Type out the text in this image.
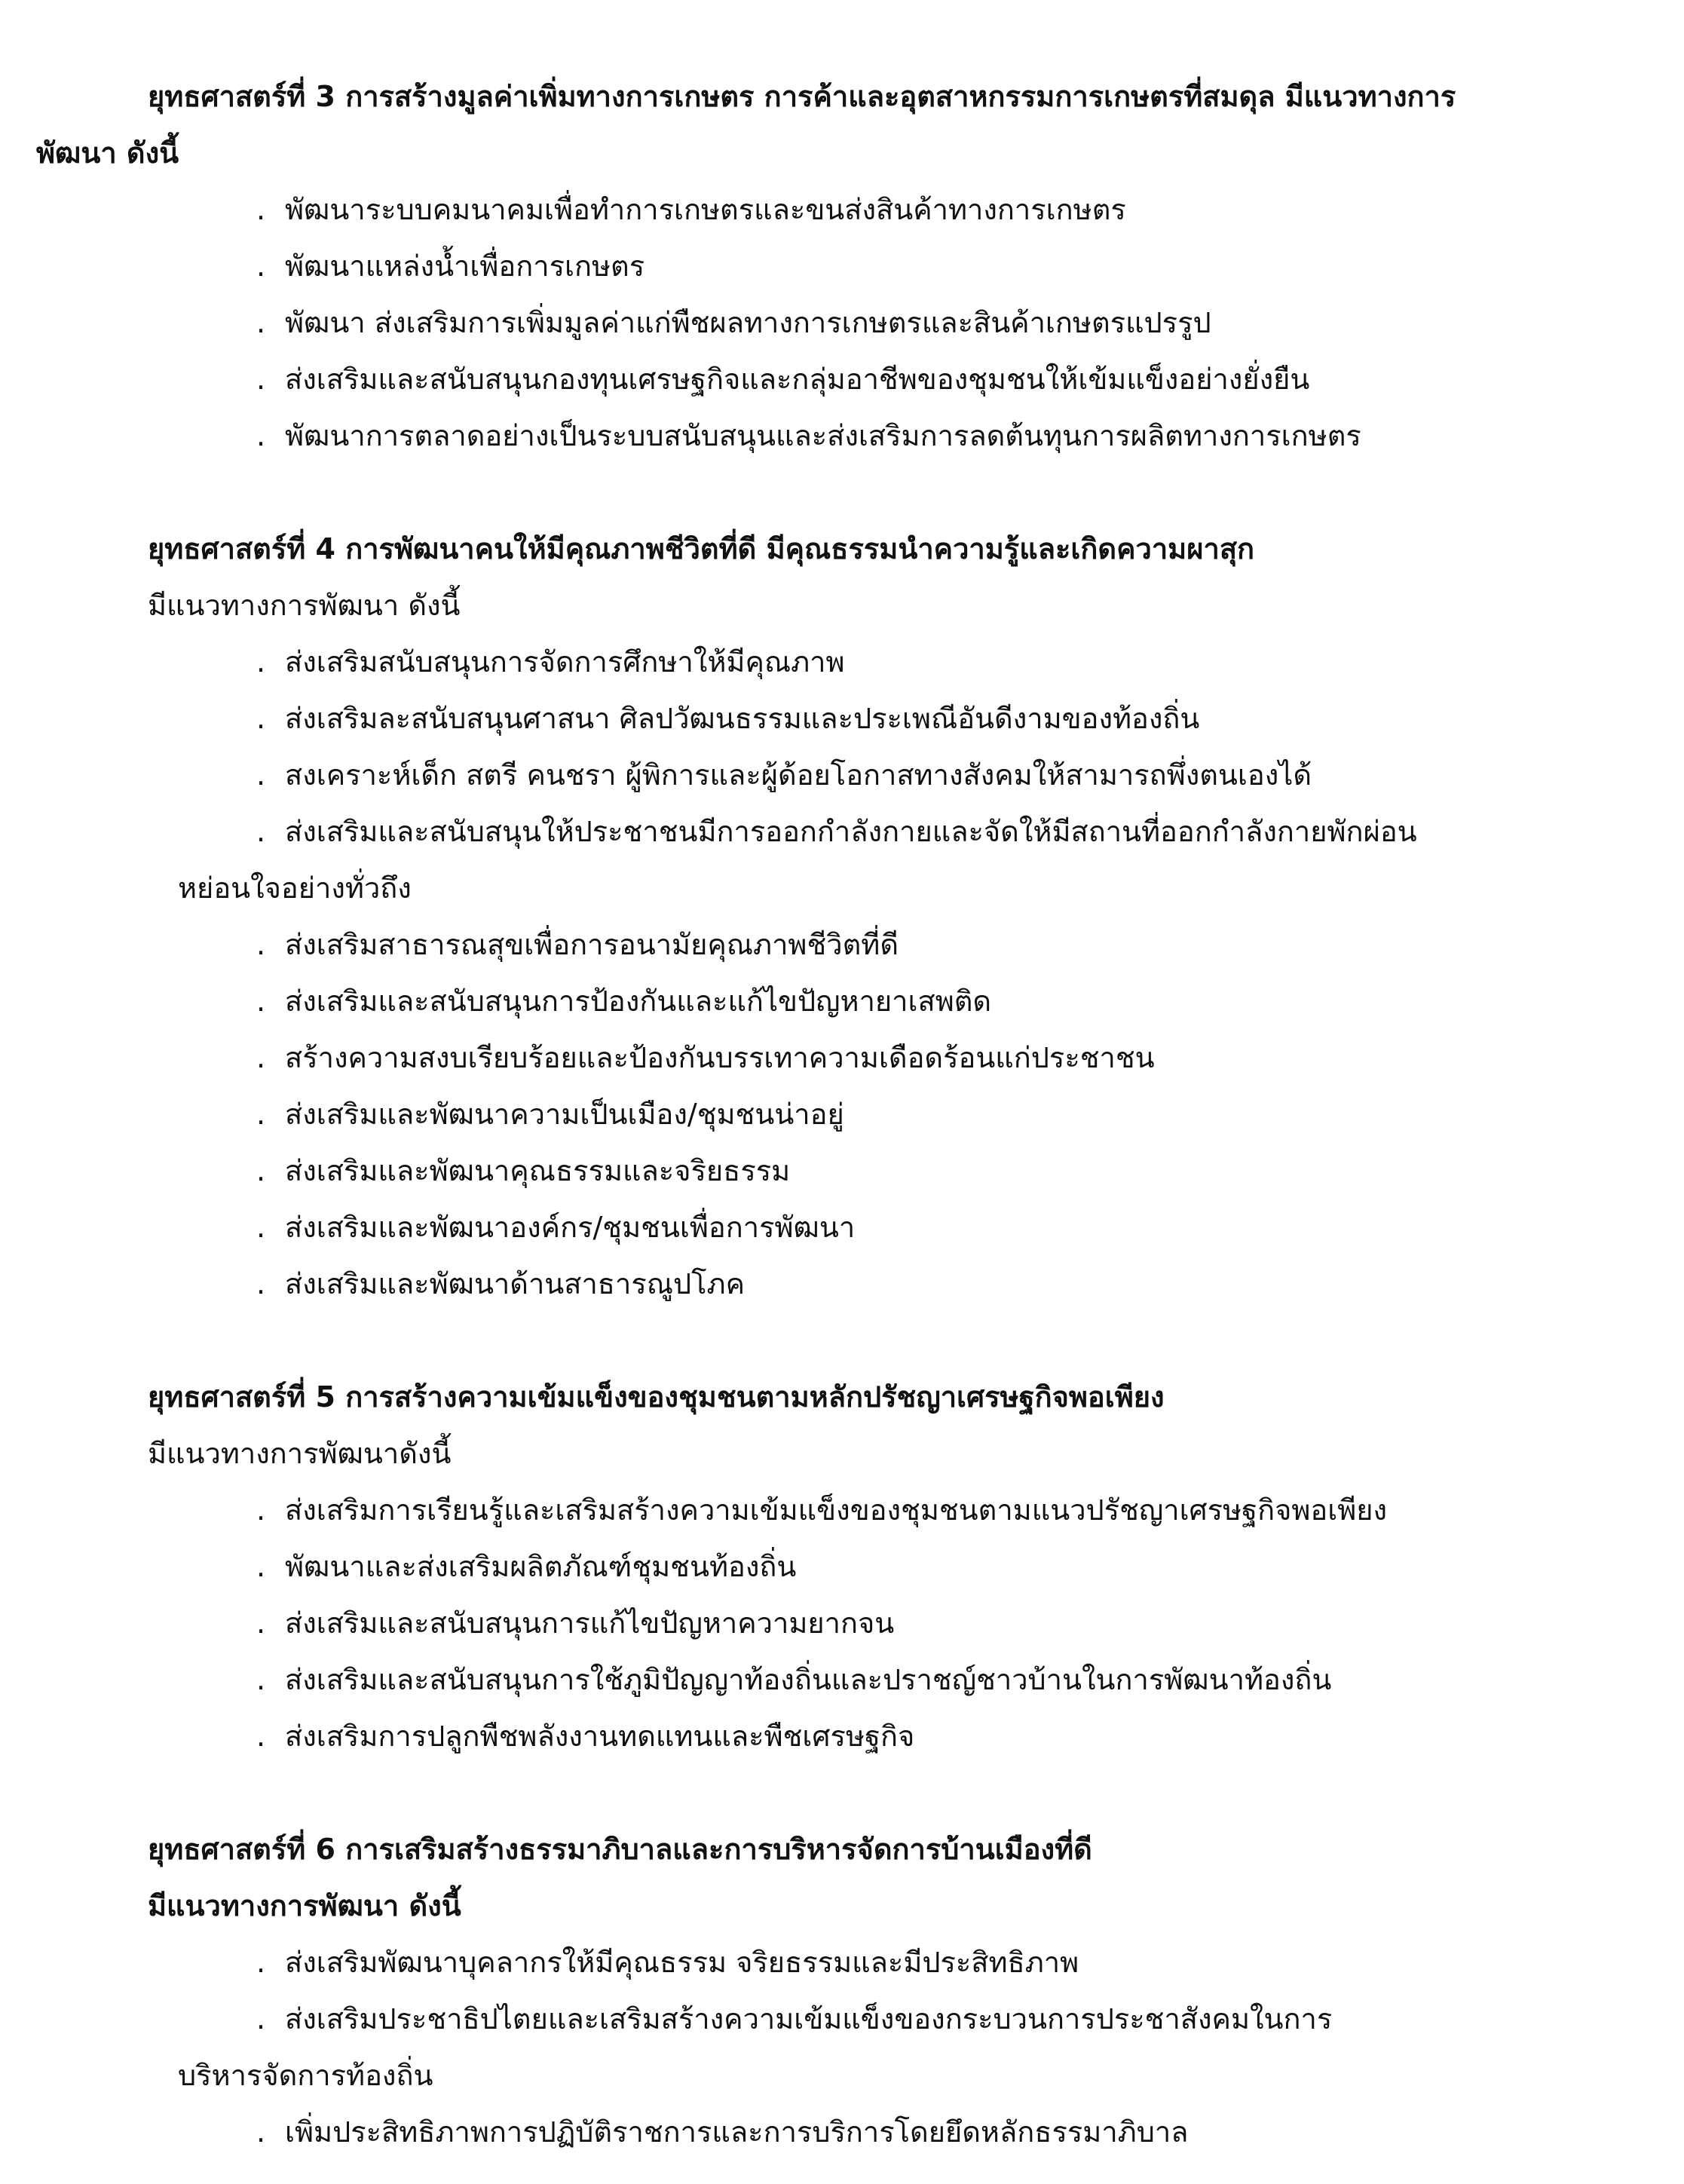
ยุทธศาสตร์ที่ 3 การสร้างมูลค่าเพิ่มทางการเกษตร การค้าและอุตสาหกรรมการเกษตรที่สมดุล มีแนวทางการ
พัฒนา ดังนี้
. พัฒนาระบบคมนาคมเพื่อทำการเกษตรและขนส่งสินค้าทางการเกษตร
. พัฒนาแหล่งน้ำเพื่อการเกษตร
. พัฒนา ส่งเสริมการเพิ่มมูลค่าแก่พืชผลทางการเกษตรและสินค้าเกษตรแปรรูป
. ส่งเสริมและสนับสนุนกองทุนเศรษฐกิจและกลุ่มอาชีพของชุมชนให้เข้มแข็งอย่างยั่งยืน
. พัฒนาการตลาดอย่างเป็นระบบสนับสนุนและส่งเสริมการลดต้นทุนการผลิตทางการเกษตร
ยุทธศาสตร์ที่ 4 การพัฒนาคนให้มีคุณภาพชีวิตที่ดี มีคุณธรรมนำความรู้และเกิดความผาสุก
มีแนวทางการพัฒนา ดังนี้
. ส่งเสริมสนับสนุนการจัดการศึกษาให้มีคุณภาพ
. ส่งเสริมละสนับสนุนศาสนา ศิลปวัฒนธรรมและประเพณีอันดีงามของท้องถิ่น
. สงเคราะห์เด็ก สตรี คนชรา ผู้พิการและผู้ด้อยโอกาสทางสังคมให้สามารถพึ่งตนเองได้
. ส่งเสริมและสนับสนุนให้ประชาชนมีการออกกำลังกายและจัดให้มีสถานที่ออกกำลังกายพักผ่อน
หย่อนใจอย่างทั่วถึง
. ส่งเสริมสาธารณสุขเพื่อการอนามัยคุณภาพชีวิตที่ดี
. ส่งเสริมและสนับสนุนการป้องกันและแก้ไขปัญหายาเสพติด
. สร้างความสงบเรียบร้อยและป้องกันบรรเทาความเดือดร้อนแก่ประชาชน
. ส่งเสริมและพัฒนาความเป็นเมือง/ชุมชนน่าอยู่
. ส่งเสริมและพัฒนาคุณธรรมและจริยธรรม
. ส่งเสริมและพัฒนาองค์กร/ชุมชนเพื่อการพัฒนา
. ส่งเสริมและพัฒนาด้านสาธารณูปโภค
ยุทธศาสตร์ที่ 5 การสร้างความเข้มแข็งของชุมชนตามหลักปรัชญาเศรษฐกิจพอเพียง
มีแนวทางการพัฒนาดังนี้
. ส่งเสริมการเรียนรู้และเสริมสร้างความเข้มแข็งของชุมชนตามแนวปรัชญาเศรษฐกิจพอเพียง
. พัฒนาและส่งเสริมผลิตภัณฑ์ชุมชนท้องถิ่น
. ส่งเสริมและสนับสนุนการแก้ไขปัญหาความยากจน
. ส่งเสริมและสนับสนุนการใช้ภูมิปัญญาท้องถิ่นและปราชญ์ชาวบ้านในการพัฒนาท้องถิ่น
. ส่งเสริมการปลูกพืชพลังงานทดแทนและพืชเศรษฐกิจ
ยุทธศาสตร์ที่ 6 การเสริมสร้างธรรมาภิบาลและการบริหารจัดการบ้านเมืองที่ดี
มีแนวทางการพัฒนา ดังนี้
. ส่งเสริมพัฒนาบุคลากรให้มีคุณธรรม จริยธรรมและมีประสิทธิภาพ
. ส่งเสริมประชาธิปไตยและเสริมสร้างความเข้มแข็งของกระบวนการประชาสังคมในการ
บริหารจัดการท้องถิ่น
. เพิ่มประสิทธิภาพการปฏิบัติราชการและการบริการโดยยึดหลักธรรมาภิบาล
